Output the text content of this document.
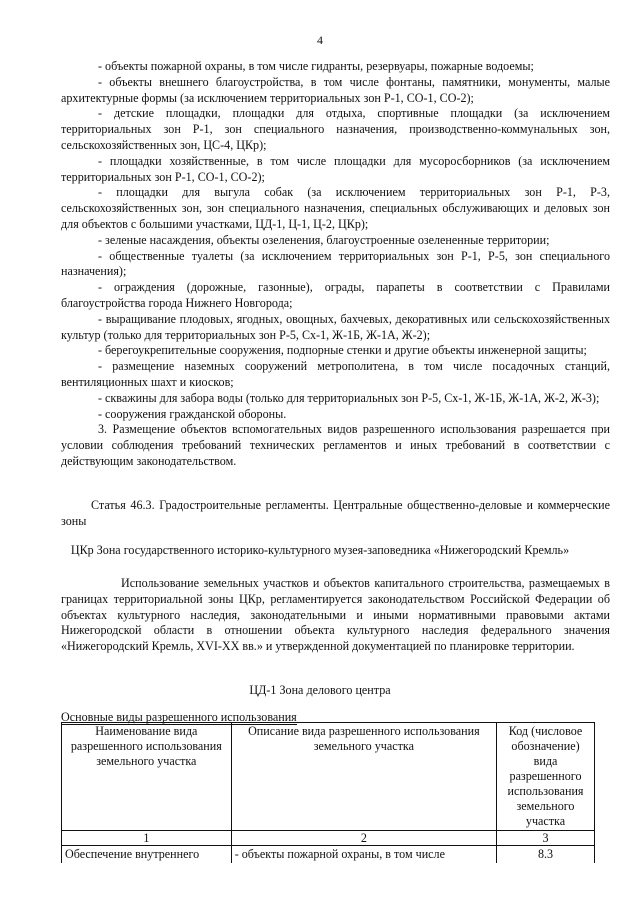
4

- объекты пожарной охраны, в том числе гидранты, резервуары, пожарные водоемы;

- объекты внешнего благоустройства, в том числе фонтаны, памятники, монументы, малые архитектурные формы (за исключением территориальных зон Р-1, СО-1, СО-2);

- детские площадки, площадки для отдыха, спортивные площадки (за исключением территориальных зон Р-1, зон специального назначения, производственно-коммунальных зон, сельскохозяйственных зон, ЦС-4, ЦКр);

- площадки хозяйственные, в том числе площадки для мусоросборников (за исключением территориальных зон Р-1, СО-1, СО-2);

- площадки для выгула собак (за исключением территориальных зон Р-1, Р-3, сельскохозяйственных зон, зон специального назначения, специальных обслуживающих и деловых зон для объектов с большими участками, ЦД-1, Ц-1, Ц-2, ЦКр);

- зеленые насаждения, объекты озеленения, благоустроенные озелененные территории;

- общественные туалеты (за исключением территориальных зон Р-1, Р-5, зон специального назначения);

- ограждения (дорожные, газонные), ограды, парапеты в соответствии с Правилами благоустройства города Нижнего Новгорода;

- выращивание плодовых, ягодных, овощных, бахчевых, декоративных или сельскохозяйственных культур (только для территориальных зон Р-5, Сх-1, Ж-1Б, Ж-1А, Ж-2);

- берегоукрепительные сооружения, подпорные стенки и другие объекты инженерной защиты;

- размещение наземных сооружений метрополитена, в том числе посадочных станций, вентиляционных шахт и киосков;

- скважины для забора воды (только для территориальных зон Р-5, Сх-1, Ж-1Б, Ж-1А, Ж-2, Ж-3);

- сооружения гражданской обороны.

3. Размещение объектов вспомогательных видов разрешенного использования разрешается при условии соблюдения требований технических регламентов и иных требований в соответствии с действующим законодательством.

Статья 46.3. Градостроительные регламенты. Центральные общественно-деловые и коммерческие зоны

ЦКр Зона государственного историко-культурного музея-заповедника «Нижегородский Кремль»

Использование земельных участков и объектов капитального строительства, размещаемых в границах территориальной зоны ЦКр, регламентируется законодательством Российской Федерации об объектах культурного наследия, законодательными и иными нормативными правовыми актами Нижегородской области в отношении объекта культурного наследия федерального значения «Нижегородский Кремль, XVI-XX вв.» и утвержденной документацией по планировке территории.

ЦД-1 Зона делового центра

Основные виды разрешенного использования

Наименование вида разрешенного использования земельного участка	Описание вида разрешенного использования земельного участка	Код (числовое обозначение) вида разрешенного использования земельного участка
1	2	3
Обеспечение внутреннего	- объекты пожарной охраны, в том числе	8.3
